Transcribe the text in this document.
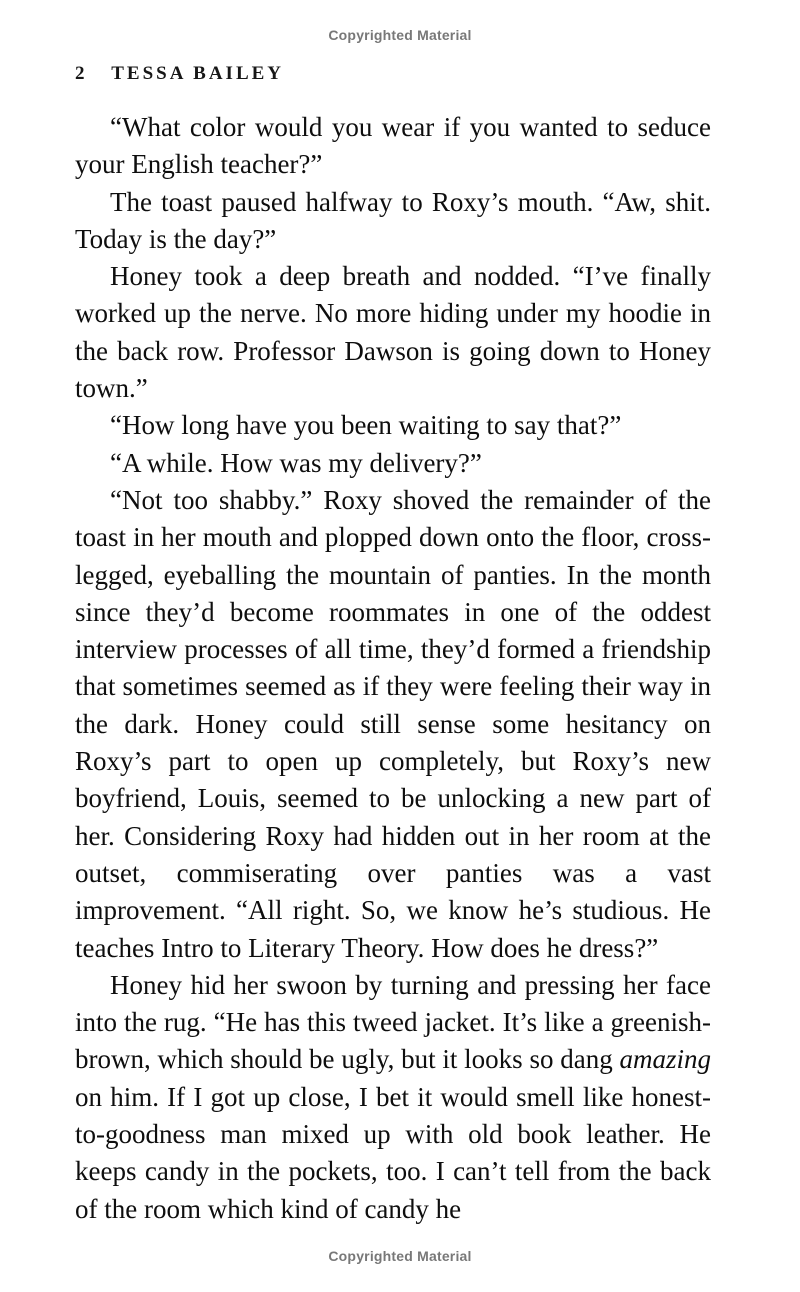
Copyrighted Material
2 TESSA BAILEY

“What color would you wear if you wanted to seduce your English teacher?”

The toast paused halfway to Roxy’s mouth. “Aw, shit. Today is the day?”

Honey took a deep breath and nodded. “I’ve finally worked up the nerve. No more hiding under my hoodie in the back row. Professor Dawson is going down to Honey town.”

“How long have you been waiting to say that?”

“A while. How was my delivery?”

“Not too shabby.” Roxy shoved the remainder of the toast in her mouth and plopped down onto the floor, cross-legged, eyeballing the mountain of panties. In the month since they’d become roommates in one of the oddest interview processes of all time, they’d formed a friendship that sometimes seemed as if they were feeling their way in the dark. Honey could still sense some hesitancy on Roxy’s part to open up completely, but Roxy’s new boyfriend, Louis, seemed to be unlocking a new part of her. Considering Roxy had hidden out in her room at the outset, commiserating over panties was a vast improvement. “All right. So, we know he’s studious. He teaches Intro to Literary Theory. How does he dress?”

Honey hid her swoon by turning and pressing her face into the rug. “He has this tweed jacket. It’s like a greenish-brown, which should be ugly, but it looks so dang amazing on him. If I got up close, I bet it would smell like honest-to-goodness man mixed up with old book leather. He keeps candy in the pockets, too. I can’t tell from the back of the room which kind of candy he

Copyrighted Material
